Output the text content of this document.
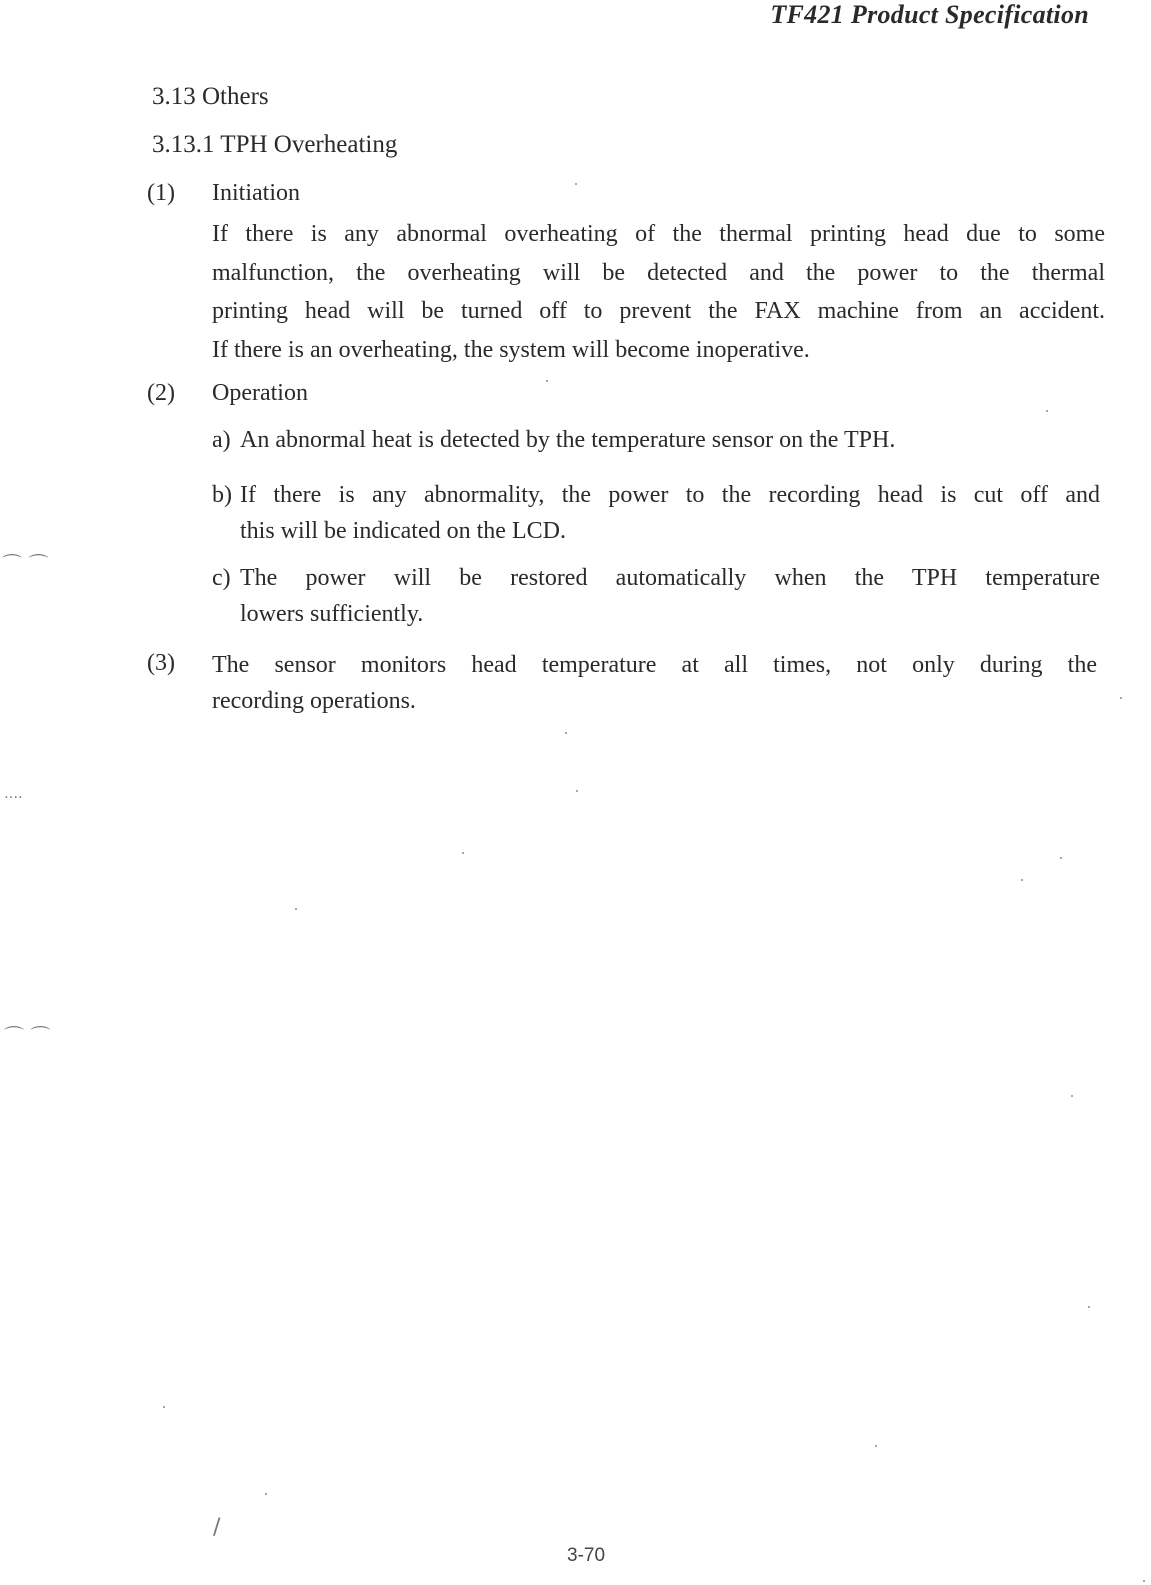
TF421 Product Specification
3.13 Others
3.13.1 TPH Overheating
(1) Initiation
If there is any abnormal overheating of the thermal printing head due to some
malfunction, the overheating will be detected and the power to the thermal
printing head will be turned off to prevent the FAX machine from an accident.
If there is an overheating, the system will become inoperative.
(2) Operation
a) An abnormal heat is detected by the temperature sensor on the TPH.
b) If there is any abnormality, the power to the recording head is cut off and
this will be indicated on the LCD.
c) The power will be restored automatically when the TPH temperature
lowers sufficiently.
(3) The sensor monitors head temperature at all times, not only during the
recording operations.
⌒ ⌒
‥‥
⌒ ⌒
/
3-70
